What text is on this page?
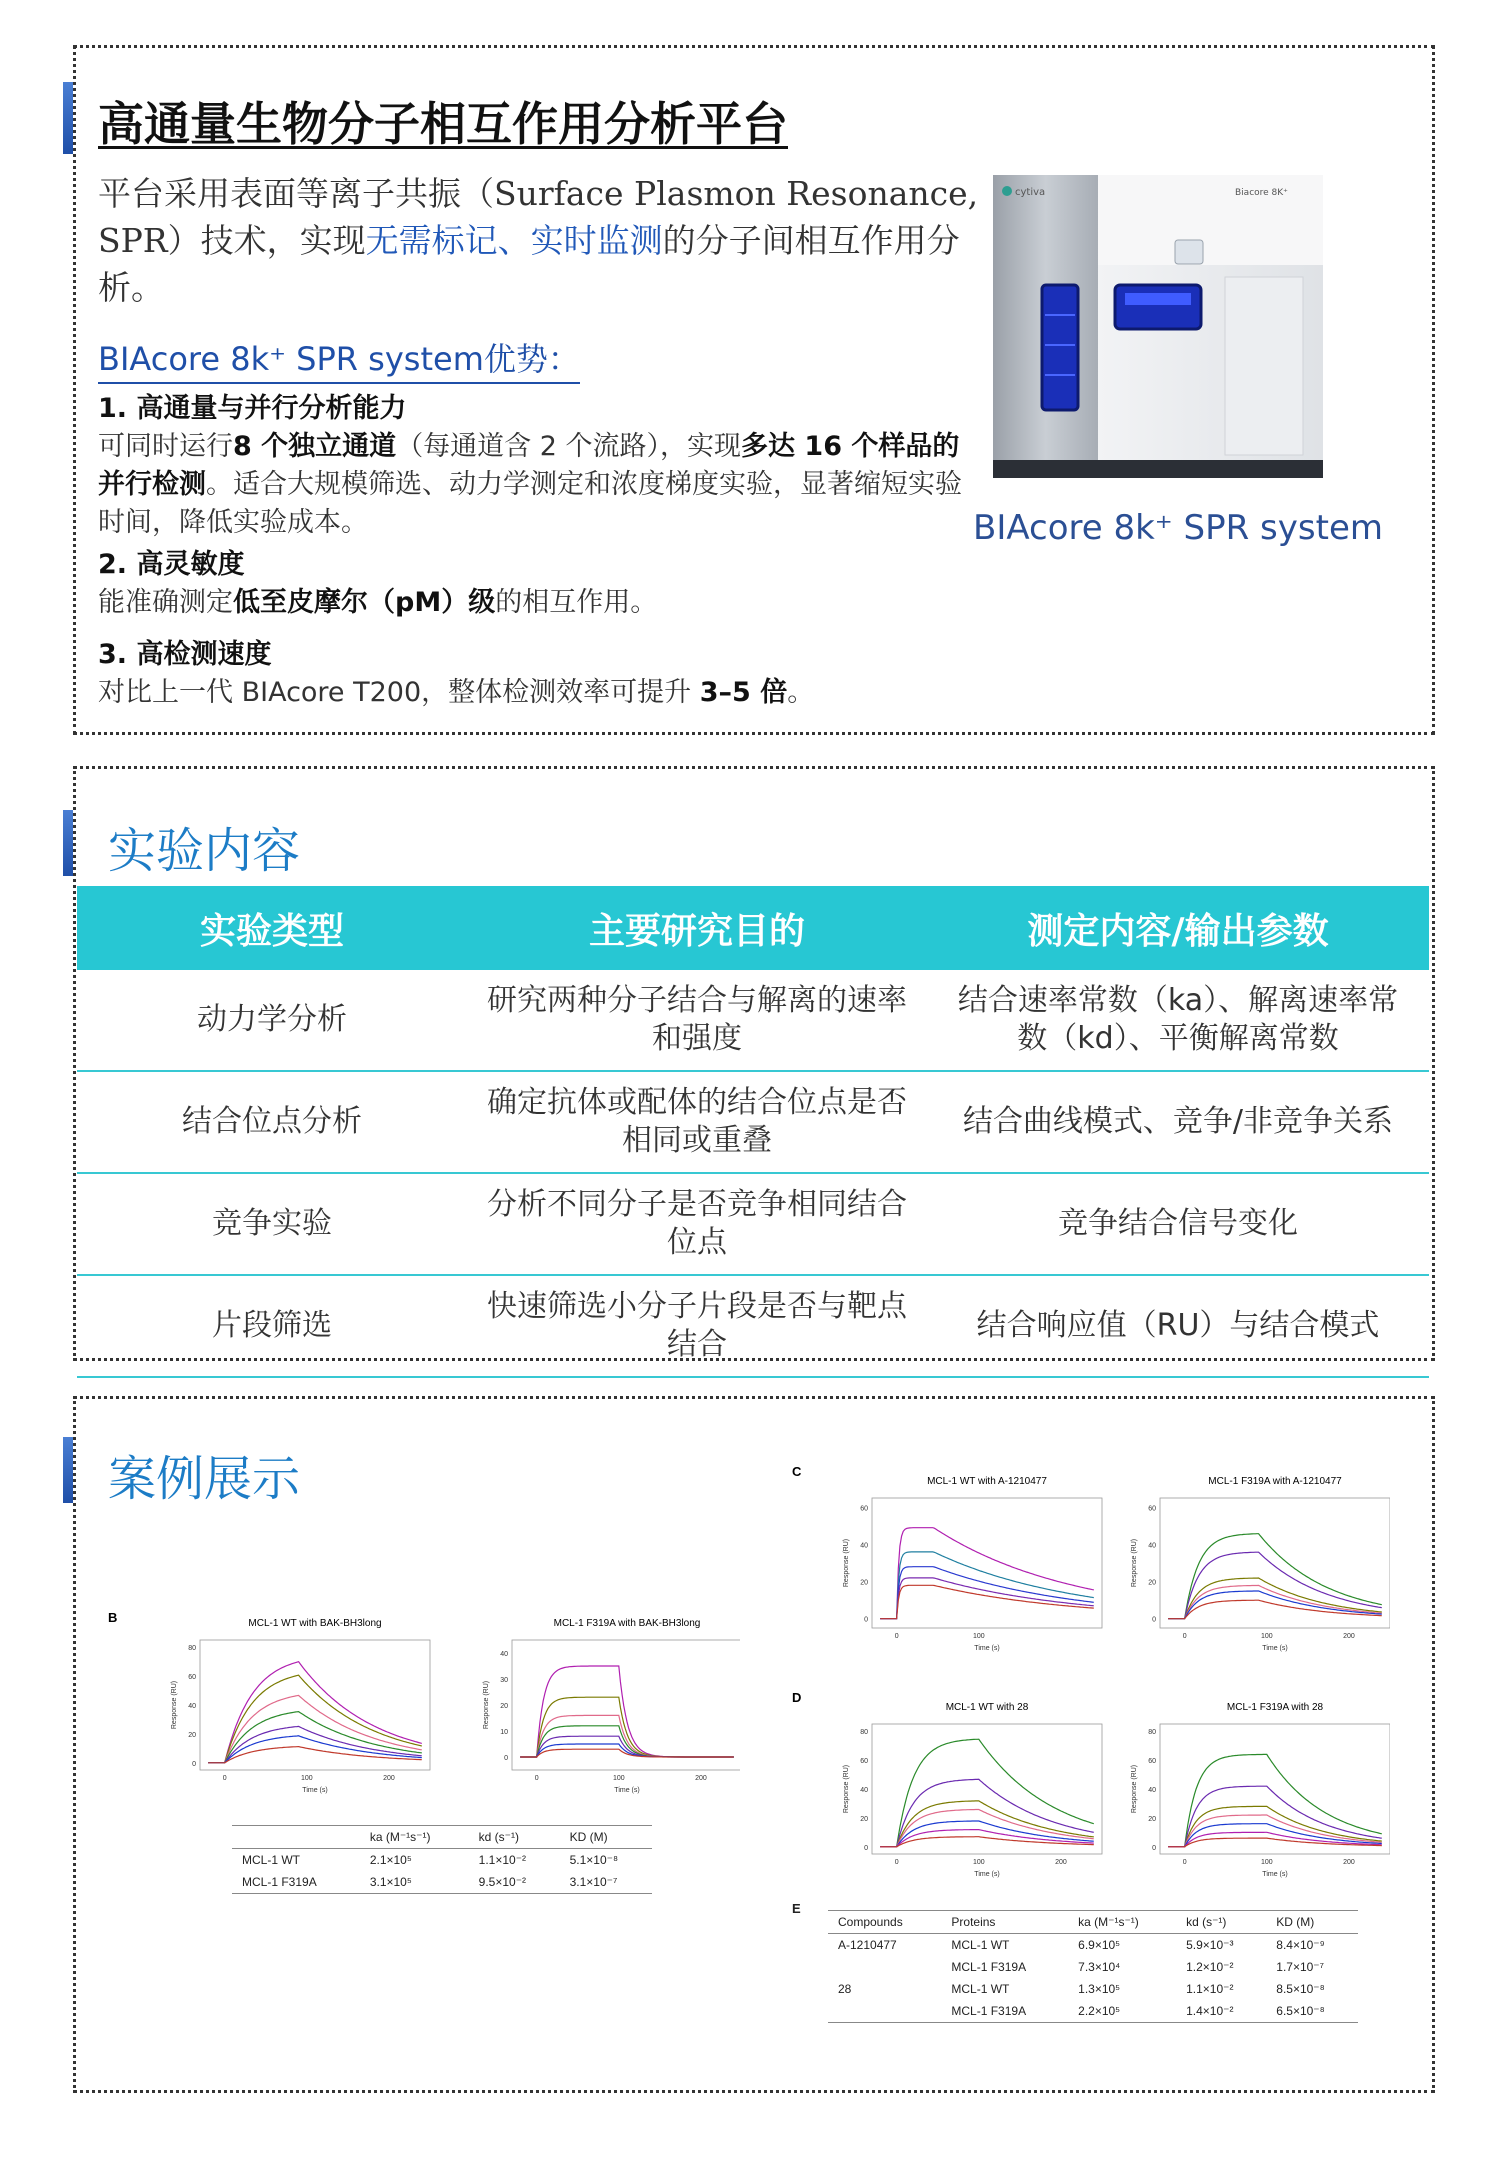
高通量生物分子相互作用分析平台
平台采用表面等离子共振（Surface Plasmon Resonance, SPR）技术，实现无需标记、实时监测的分子间相互作用分析。
BIAcore 8k⁺ SPR system优势：
1. 高通量与并行分析能力
可同时运行8 个独立通道（每通道含 2 个流路），实现多达 16 个样品的并行检测。适合大规模筛选、动力学测定和浓度梯度实验，显著缩短实验时间，降低实验成本。
2. 高灵敏度
能准确测定低至皮摩尔（pM）级的相互作用。
3. 高检测速度
对比上一代 BIAcore T200，整体检测效率可提升 3–5 倍。
cytiva	Biacore 8K⁺
BIAcore 8k⁺ SPR system
实验内容
实验类型	主要研究目的	测定内容/输出参数
动力学分析	研究两种分子结合与解离的速率和强度	结合速率常数（ka）、解离速率常数（kd）、平衡解离常数
结合位点分析	确定抗体或配体的结合位点是否相同或重叠	结合曲线模式、竞争/非竞争关系
竞争实验	分析不同分子是否竞争相同结合位点	竞争结合信号变化
片段筛选	快速筛选小分子片段是否与靶点结合	结合响应值（RU）与结合模式
案例展示
B	MCL-1 WT with BAK-BH3long
0
20
40
60
80
0	100	200
Time (s)
Response (RU)
MCL-1 F319A with BAK-BH3long
0
10
20
30
40
0	100	200
Time (s)
Response (RU)
	ka (M⁻¹s⁻¹)	kd (s⁻¹)	KD (M)
MCL-1 WT	2.1×10⁵	1.1×10⁻²	5.1×10⁻⁸
MCL-1 F319A	3.1×10⁵	9.5×10⁻²	3.1×10⁻⁷
C
D
MCL-1 WT with A-1210477
0
20
40
60
0	100
Time (s)
Response (RU)
MCL-1 F319A with A-1210477
0
20
40
60
0	100	200
Time (s)
Response (RU)
MCL-1 WT with 28
0
20
40
60
80
0	100	200
Time (s)
Response (RU)
MCL-1 F319A with 28
0
20
40
60
80
0	100	200
Time (s)
Response (RU)
E
Compounds	Proteins	ka (M⁻¹s⁻¹)	kd (s⁻¹)	KD (M)
A-1210477	MCL-1 WT	6.9×10⁵	5.9×10⁻³	8.4×10⁻⁹
	MCL-1 F319A	7.3×10⁴	1.2×10⁻²	1.7×10⁻⁷
28	MCL-1 WT	1.3×10⁵	1.1×10⁻²	8.5×10⁻⁸
	MCL-1 F319A	2.2×10⁵	1.4×10⁻²	6.5×10⁻⁸
